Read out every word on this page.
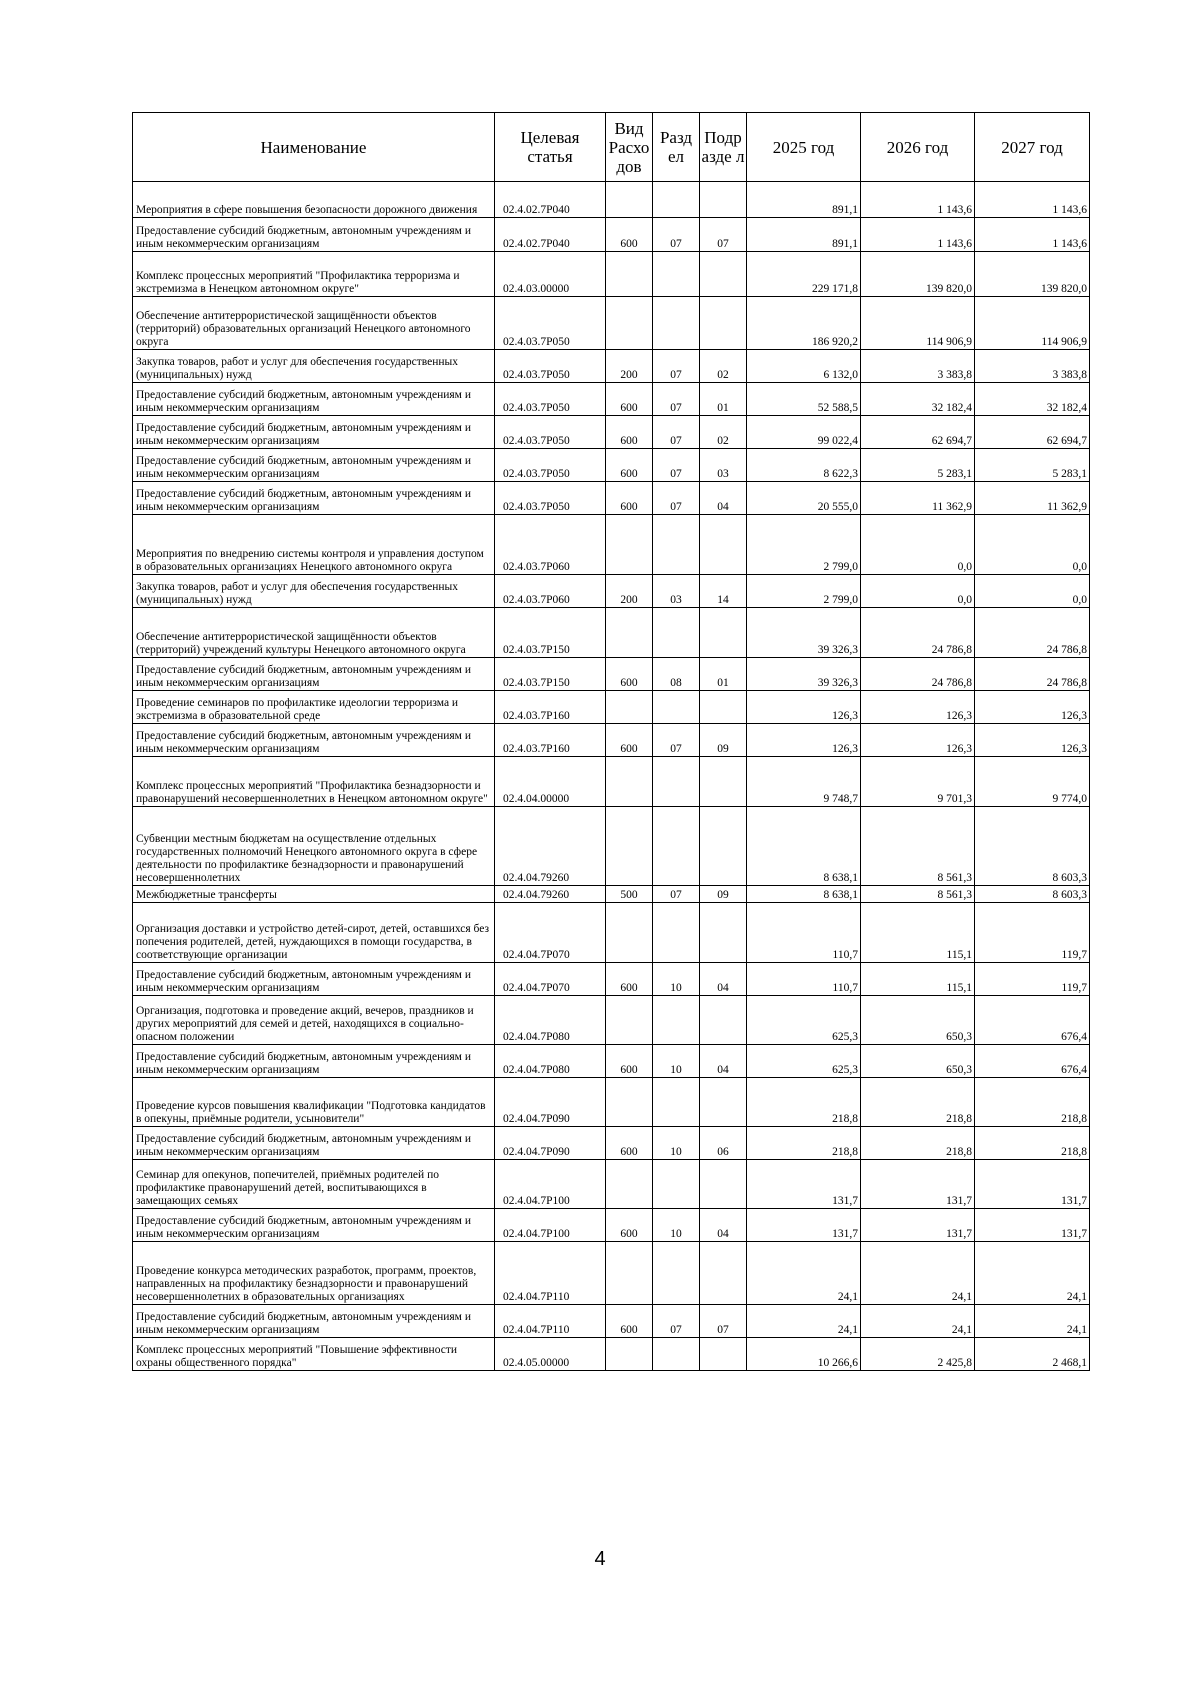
Наименование	Целевая статья	Вид Расхо дов	Разд ел	Подр азде л	2025 год	2026 год	2027 год
Мероприятия в сфере повышения безопасности дорожного движения	02.4.02.7Р040				891,1	1 143,6	1 143,6
Предоставление субсидий бюджетным, автономным учреждениям и иным некоммерческим организациям	02.4.02.7Р040	600	07	07	891,1	1 143,6	1 143,6
Комплекс процессных мероприятий "Профилактика терроризма и экстремизма в Ненецком автономном округе"	02.4.03.00000				229 171,8	139 820,0	139 820,0
Обеспечение антитеррористической защищённости объектов (территорий) образовательных организаций Ненецкого автономного округа	02.4.03.7Р050				186 920,2	114 906,9	114 906,9
Закупка товаров, работ и услуг для обеспечения государственных (муниципальных) нужд	02.4.03.7Р050	200	07	02	6 132,0	3 383,8	3 383,8
Предоставление субсидий бюджетным, автономным учреждениям и иным некоммерческим организациям	02.4.03.7Р050	600	07	01	52 588,5	32 182,4	32 182,4
Предоставление субсидий бюджетным, автономным учреждениям и иным некоммерческим организациям	02.4.03.7Р050	600	07	02	99 022,4	62 694,7	62 694,7
Предоставление субсидий бюджетным, автономным учреждениям и иным некоммерческим организациям	02.4.03.7Р050	600	07	03	8 622,3	5 283,1	5 283,1
Предоставление субсидий бюджетным, автономным учреждениям и иным некоммерческим организациям	02.4.03.7Р050	600	07	04	20 555,0	11 362,9	11 362,9
Мероприятия по внедрению системы контроля и управления доступом в образовательных организациях Ненецкого автономного округа	02.4.03.7Р060				2 799,0	0,0	0,0
Закупка товаров, работ и услуг для обеспечения государственных (муниципальных) нужд	02.4.03.7Р060	200	03	14	2 799,0	0,0	0,0
Обеспечение антитеррористической защищённости объектов (территорий) учреждений культуры Ненецкого автономного округа	02.4.03.7Р150				39 326,3	24 786,8	24 786,8
Предоставление субсидий бюджетным, автономным учреждениям и иным некоммерческим организациям	02.4.03.7Р150	600	08	01	39 326,3	24 786,8	24 786,8
Проведение семинаров по профилактике идеологии терроризма и экстремизма в образовательной среде	02.4.03.7Р160				126,3	126,3	126,3
Предоставление субсидий бюджетным, автономным учреждениям и иным некоммерческим организациям	02.4.03.7Р160	600	07	09	126,3	126,3	126,3
Комплекс процессных мероприятий "Профилактика безнадзорности и правонарушений несовершеннолетних в Ненецком автономном округе"	02.4.04.00000				9 748,7	9 701,3	9 774,0
Субвенции местным бюджетам на осуществление отдельных государственных полномочий Ненецкого автономного округа в сфере деятельности по профилактике безнадзорности и правонарушений несовершеннолетних	02.4.04.79260				8 638,1	8 561,3	8 603,3
Межбюджетные трансферты	02.4.04.79260	500	07	09	8 638,1	8 561,3	8 603,3
Организация доставки и устройство детей-сирот, детей, оставшихся без попечения родителей, детей, нуждающихся в помощи государства, в соответствующие организации	02.4.04.7Р070				110,7	115,1	119,7
Предоставление субсидий бюджетным, автономным учреждениям и иным некоммерческим организациям	02.4.04.7Р070	600	10	04	110,7	115,1	119,7
Организация, подготовка и проведение акций, вечеров, праздников и других мероприятий для семей и детей, находящихся в социально-опасном положении	02.4.04.7Р080				625,3	650,3	676,4
Предоставление субсидий бюджетным, автономным учреждениям и иным некоммерческим организациям	02.4.04.7Р080	600	10	04	625,3	650,3	676,4
Проведение курсов повышения квалификации "Подготовка кандидатов в опекуны, приёмные родители, усыновители"	02.4.04.7Р090				218,8	218,8	218,8
Предоставление субсидий бюджетным, автономным учреждениям и иным некоммерческим организациям	02.4.04.7Р090	600	10	06	218,8	218,8	218,8
Семинар для опекунов, попечителей, приёмных родителей по профилактике правонарушений детей, воспитывающихся в замещающих семьях	02.4.04.7Р100				131,7	131,7	131,7
Предоставление субсидий бюджетным, автономным учреждениям и иным некоммерческим организациям	02.4.04.7Р100	600	10	04	131,7	131,7	131,7
Проведение конкурса методических разработок, программ, проектов, направленных на профилактику безнадзорности и правонарушений несовершеннолетних в образовательных организациях	02.4.04.7Р110				24,1	24,1	24,1
Предоставление субсидий бюджетным, автономным учреждениям и иным некоммерческим организациям	02.4.04.7Р110	600	07	07	24,1	24,1	24,1
Комплекс процессных мероприятий "Повышение эффективности охраны общественного порядка"	02.4.05.00000				10 266,6	2 425,8	2 468,1
4
